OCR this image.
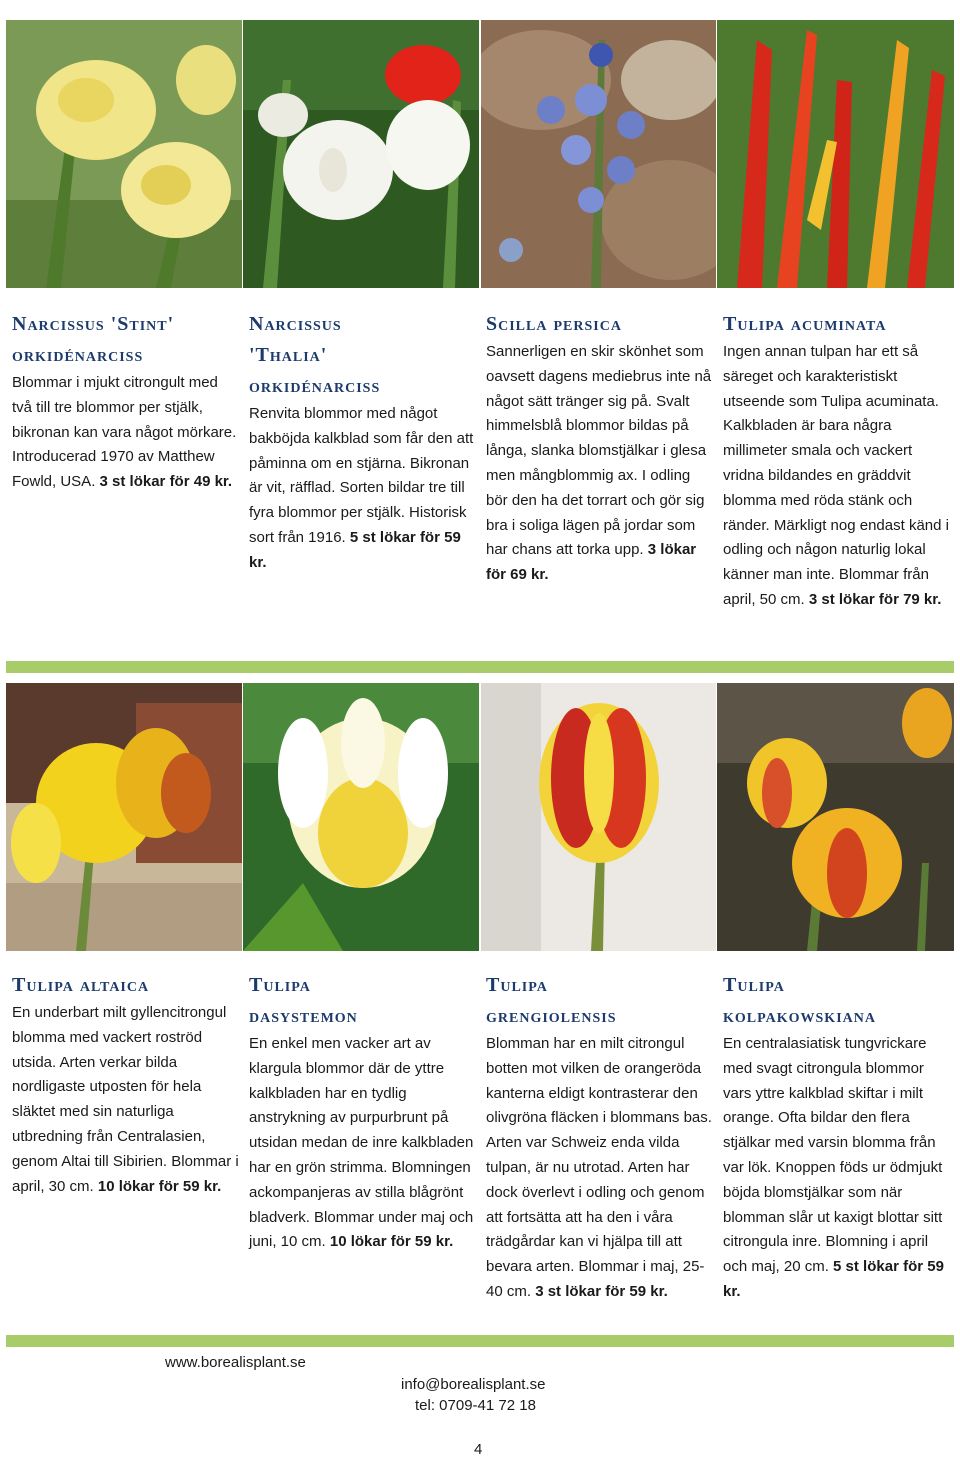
Narcissus 'Stint'
orkidénarciss

Blommar i mjukt citrongult med två till tre blommor per stjälk, bikronan kan vara något mörkare. Introducerad 1970 av Matthew Fowld, USA. 3 st lökar för 49 kr.

Narcissus
'Thalia'
orkidénarciss

Renvita blommor med något bakböjda kalkblad som får den att påminna om en stjärna. Bikronan är vit, räfflad. Sorten bildar tre till fyra blommor per stjälk. Historisk sort från 1916. 5 st lökar för 59 kr.

Scilla persica

Sannerligen en skir skönhet som oavsett dagens mediebrus inte nå något sätt tränger sig på. Svalt himmelsblå blommor bildas på långa, slanka blomstjälkar i glesa men mångblommig ax. I odling bör den ha det torrart och gör sig bra i soliga lägen på jordar som har chans att torka upp. 3 lökar för 69 kr.

Tulipa acuminata

Ingen annan tulpan har ett så säreget och karakteristiskt utseende som Tulipa acuminata. Kalkbladen är bara några millimeter smala och vackert vridna bildandes en gräddvit blomma med röda stänk och ränder. Märkligt nog endast känd i odling och någon naturlig lokal känner man inte. Blommar från april, 50 cm. 3 st lökar för 79 kr.

Tulipa altaica

En underbart milt gyllencitrongul blomma med vackert roströd utsida. Arten verkar bilda nordligaste utposten för hela släktet med sin naturliga utbredning från Centralasien, genom Altai till Sibirien. Blommar i april, 30 cm. 10 lökar för 59 kr.

Tulipa
dasystemon

En enkel men vacker art av klargula blommor där de yttre kalkbladen har en tydlig anstrykning av purpurbrunt på utsidan medan de inre kalkbladen har en grön strimma. Blomningen ackompanjeras av stilla blågrönt bladverk. Blommar under maj och juni, 10 cm. 10 lökar för 59 kr.

Tulipa
grengiolensis

Blomman har en milt citrongul botten mot vilken de orangeröda kanterna eldigt kontrasterar den olivgröna fläcken i blommans bas. Arten var Schweiz enda vilda tulpan, är nu utrotad. Arten har dock överlevt i odling och genom att fortsätta att ha den i våra trädgårdar kan vi hjälpa till att bevara arten. Blommar i maj, 25-40 cm. 3 st lökar för 59 kr.

Tulipa
kolpakowskiana

En centralasiatisk tungvrickare med svagt citrongula blommor vars yttre kalkblad skiftar i milt orange. Ofta bildar den flera stjälkar med varsin blomma från var lök. Knoppen föds ur ödmjukt böjda blomstjälkar som när blomman slår ut kaxigt blottar sitt citrongula inre. Blomning i april och maj, 20 cm. 5 st lökar för 59 kr.

www.borealisplant.se
info@borealisplant.se
tel: 0709-41 72 18
4
